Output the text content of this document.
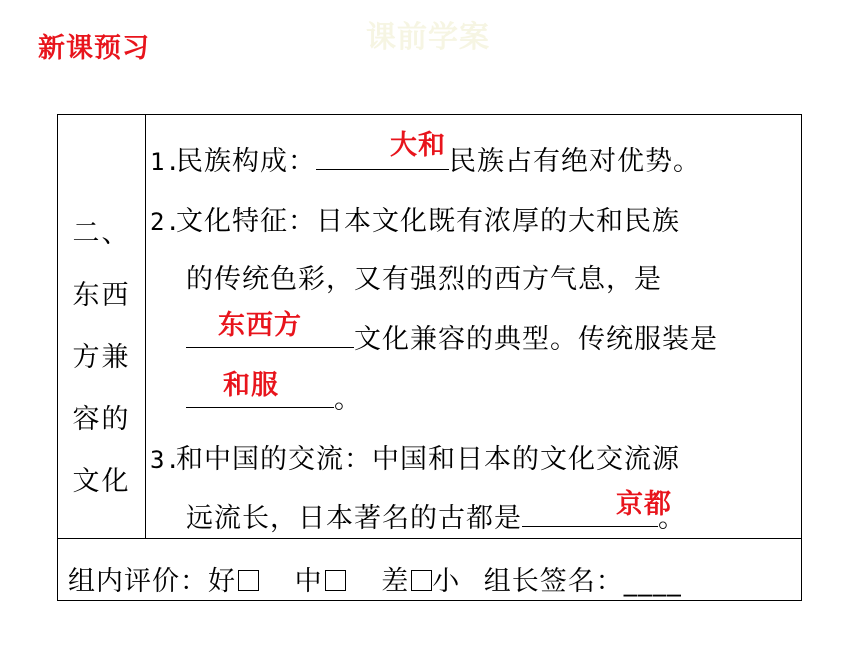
新课预习	课前学案
二、
东西
方兼
容的
文化
1.民族构成：	民族占有绝对优势。
大和
2.文化特征：日本文化既有浓厚的大和民族
的传统色彩，又有强烈的西方气息，是
文化兼容的典型。传统服装是
东西方
。
和服
3.和中国的交流：中国和日本的文化交流源
远流长，日本著名的古都是	。
京都
组内评价：好 中 差 小 组长签名：____
